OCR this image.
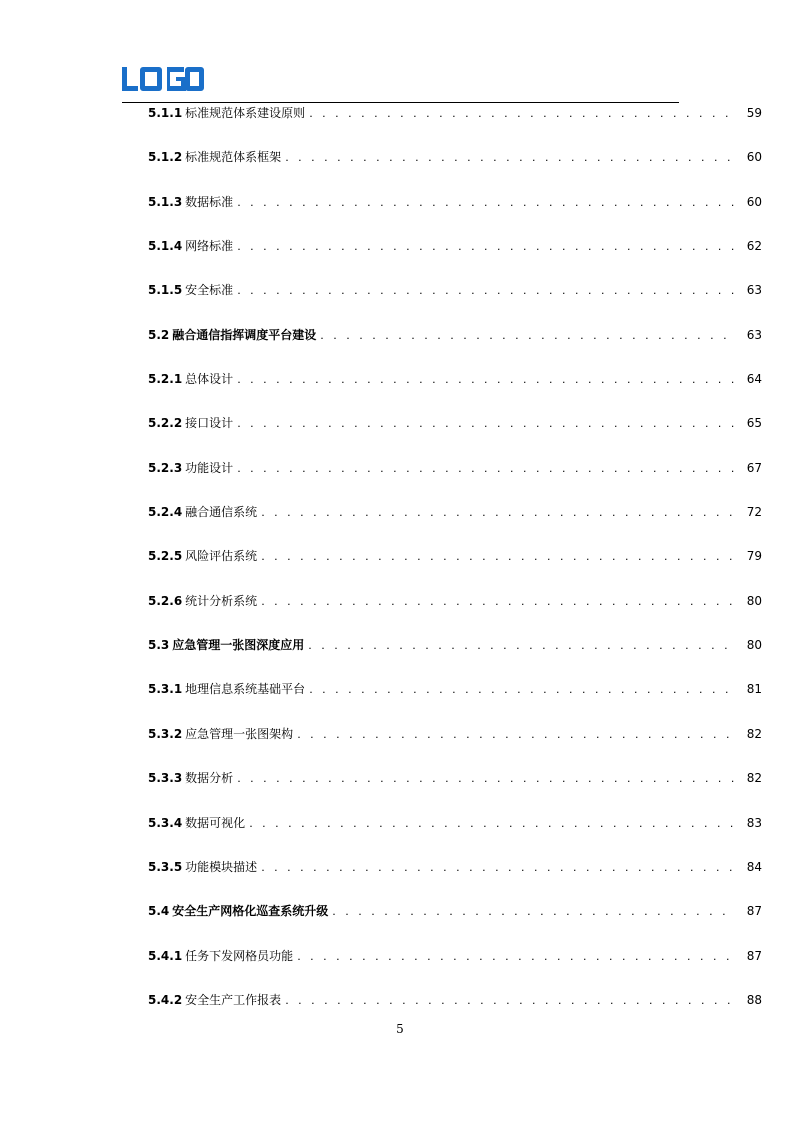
5.1.1 标准规范体系建设原则 . . .	59
5.1.2 标准规范体系框架 . . .	60
5.1.3 数据标准 . . .	60
5.1.4 网络标准 . . .	62
5.1.5 安全标准 . . .	63
5.2 融合通信指挥调度平台建设 . . .	63
5.2.1 总体设计 . . .	64
5.2.2 接口设计 . . .	65
5.2.3 功能设计 . . .	67
5.2.4 融合通信系统 . . .	72
5.2.5 风险评估系统 . . .	79
5.2.6 统计分析系统 . . .	80
5.3 应急管理一张图深度应用 . . .	80
5.3.1 地理信息系统基础平台 . . .	81
5.3.2 应急管理一张图架构 . . .	82
5.3.3 数据分析 . . .	82
5.3.4 数据可视化 . . .	83
5.3.5 功能模块描述 . . .	84
5.4 安全生产网格化巡查系统升级 . . .	87
5.4.1 任务下发网格员功能 . . .	87
5.4.2 安全生产工作报表 . . .	88
5
